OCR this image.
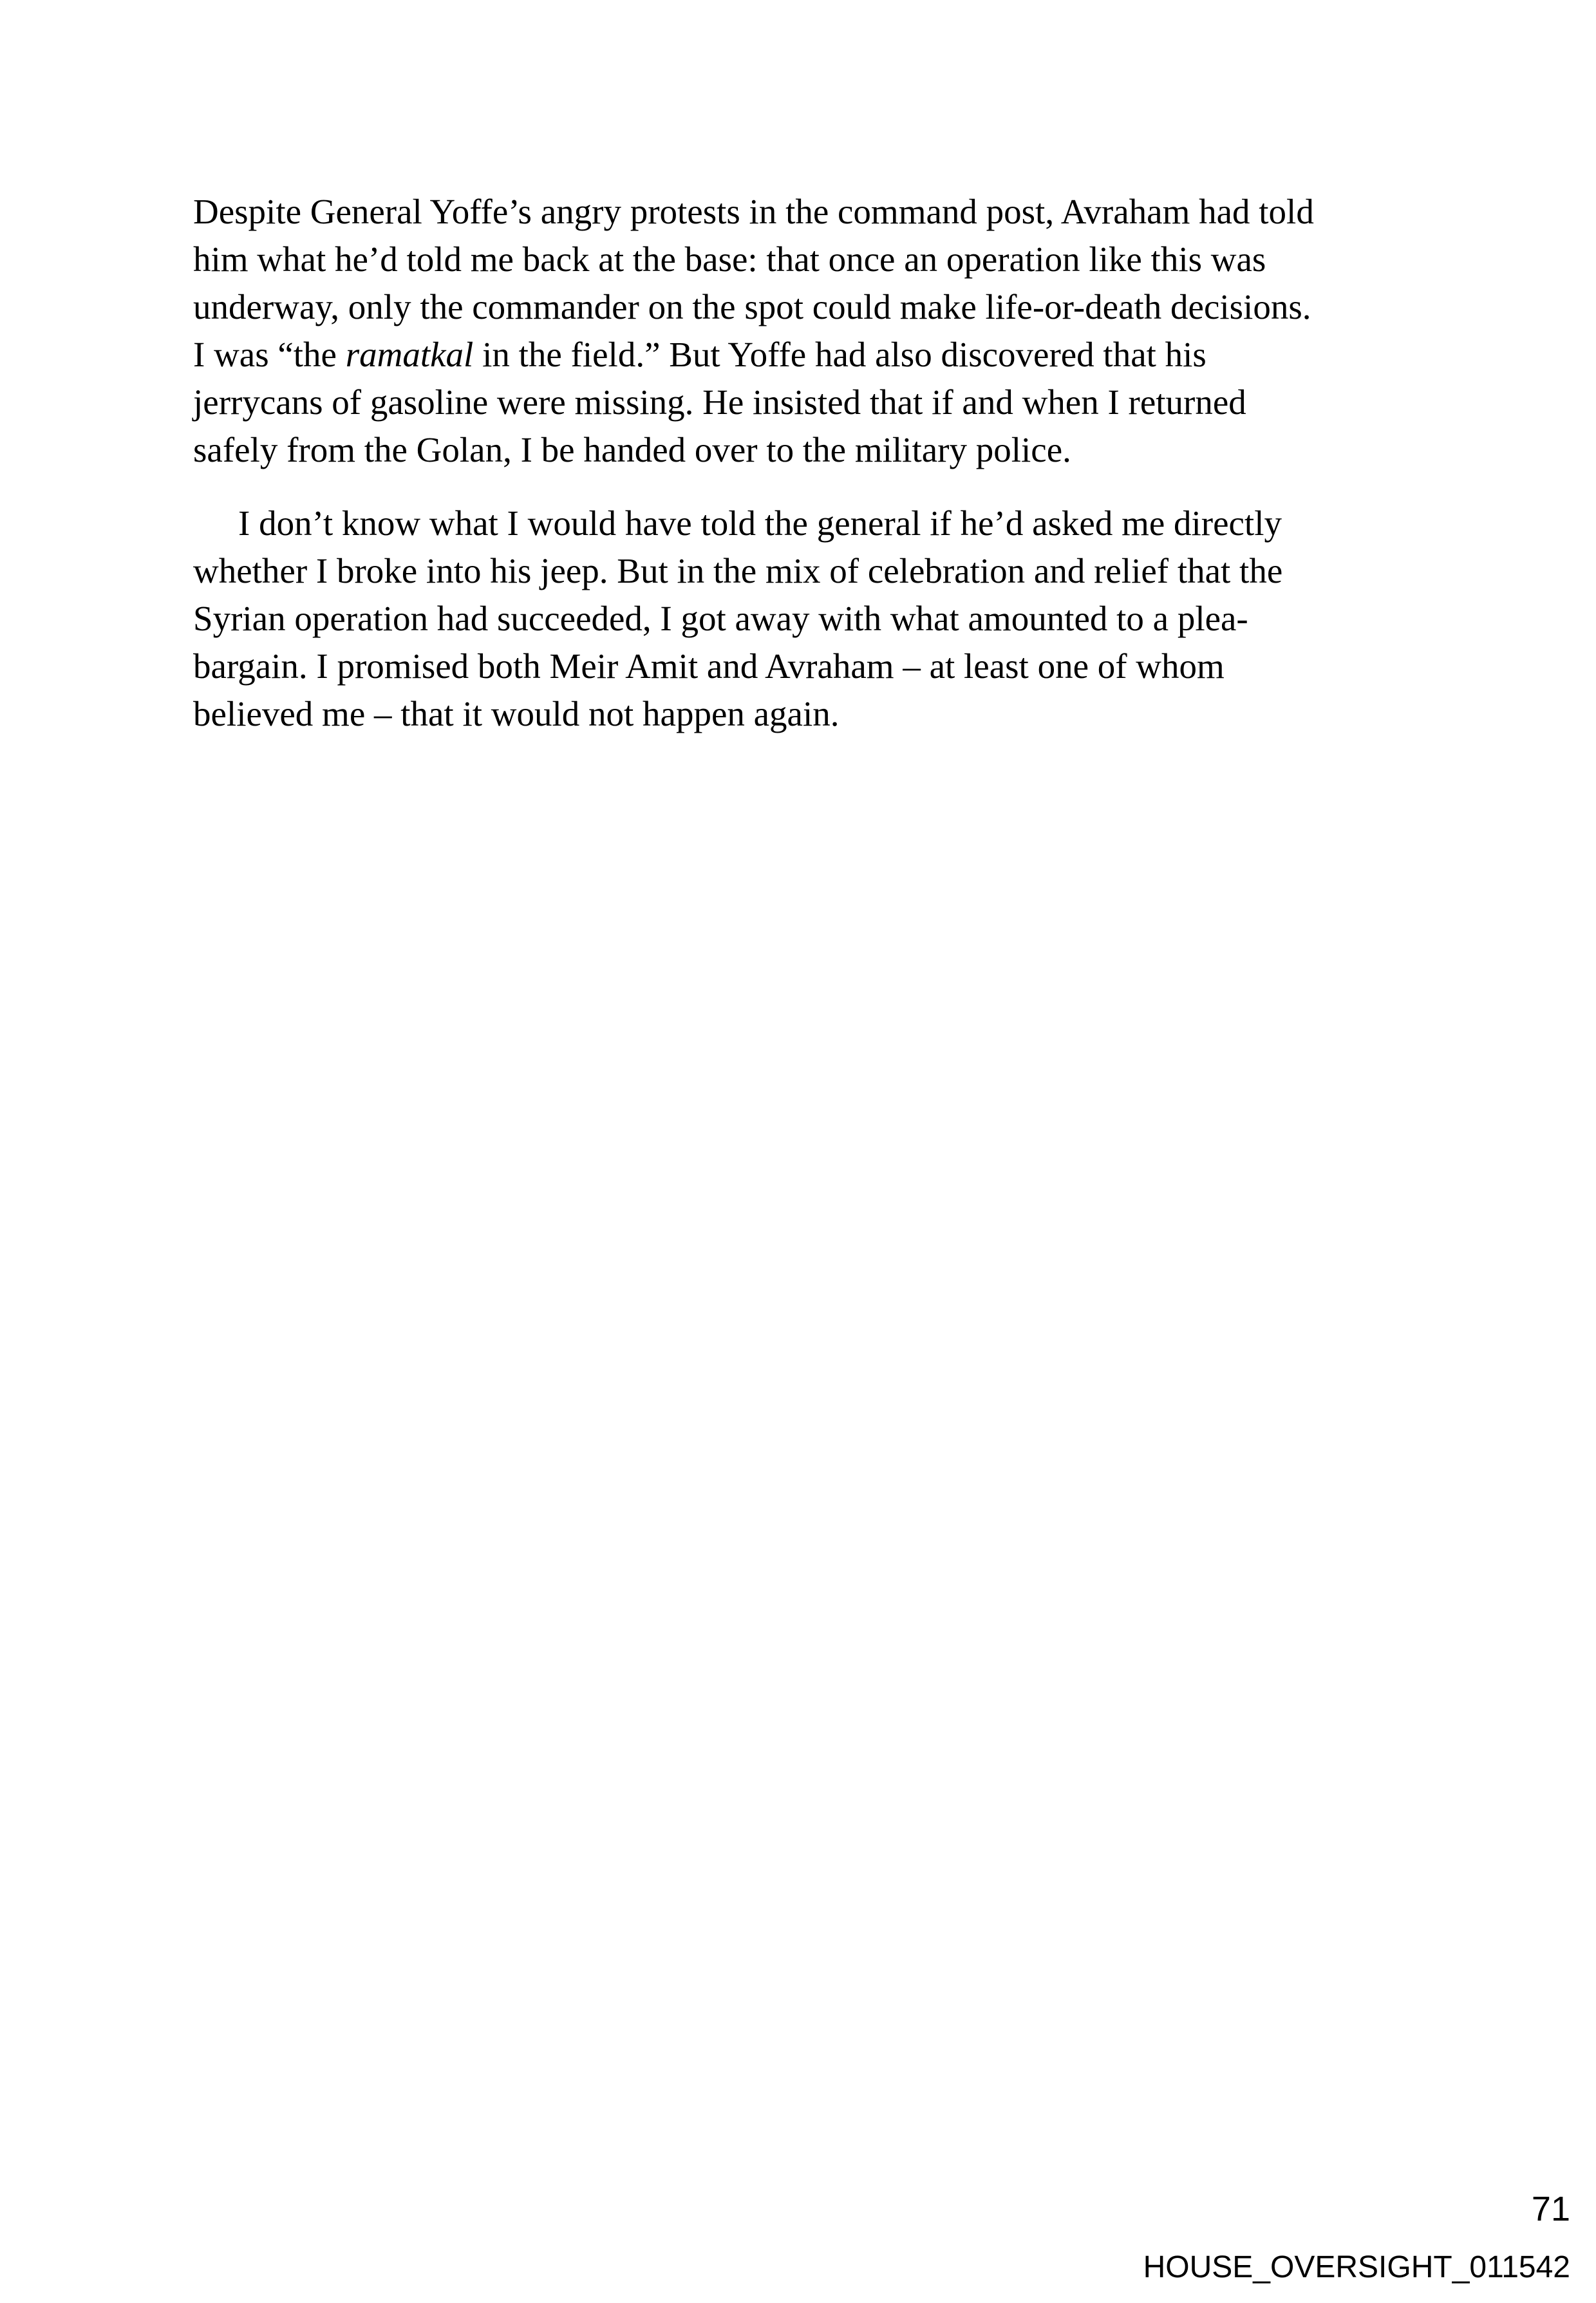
Despite General Yoffe’s angry protests in the command post, Avraham had told
him what he’d told me back at the base: that once an operation like this was
underway, only the commander on the spot could make life-or-death decisions.
I was “the ramatkal in the field.” But Yoffe had also discovered that his
jerrycans of gasoline were missing. He insisted that if and when I returned
safely from the Golan, I be handed over to the military police.
I don’t know what I would have told the general if he’d asked me directly
whether I broke into his jeep. But in the mix of celebration and relief that the
Syrian operation had succeeded, I got away with what amounted to a plea-
bargain. I promised both Meir Amit and Avraham – at least one of whom
believed me – that it would not happen again.
71
HOUSE_OVERSIGHT_011542
